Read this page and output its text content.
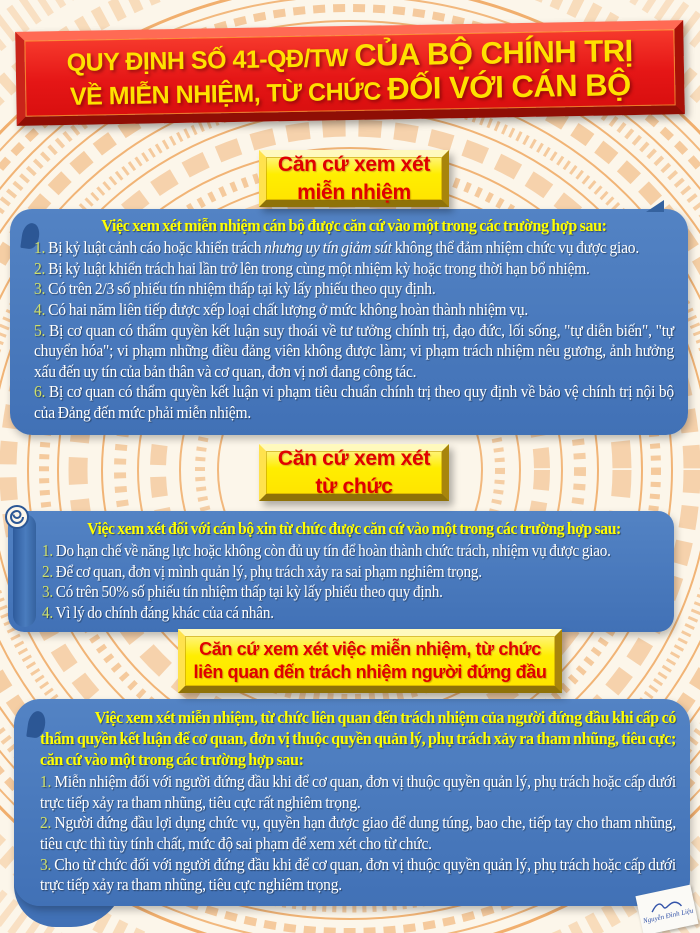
QUY ĐỊNH SỐ 41-QĐ/TW CỦA BỘ CHÍNH TRỊ
VỀ MIỄN NHIỆM, TỪ CHỨC ĐỐI VỚI CÁN BỘ
Căn cứ xem xét
miễn nhiệm

Việc xem xét miễn nhiệm cán bộ được căn cứ vào một trong các trường hợp sau:

1. Bị kỷ luật cảnh cáo hoặc khiển trách nhưng uy tín giảm sút không thể đảm nhiệm chức vụ được giao.

2. Bị kỷ luật khiển trách hai lần trở lên trong cùng một nhiệm kỳ hoặc trong thời hạn bổ nhiệm.

3. Có trên 2/3 số phiếu tín nhiệm thấp tại kỳ lấy phiếu theo quy định.

4. Có hai năm liên tiếp được xếp loại chất lượng ở mức không hoàn thành nhiệm vụ.

5. Bị cơ quan có thẩm quyền kết luận suy thoái về tư tưởng chính trị, đạo đức, lối sống, "tự diễn biến", "tự chuyển hóa"; vi phạm những điều đảng viên không được làm; vi phạm trách nhiệm nêu gương, ảnh hưởng xấu đến uy tín của bản thân và cơ quan, đơn vị nơi đang công tác.

6. Bị cơ quan có thẩm quyền kết luận vi phạm tiêu chuẩn chính trị theo quy định về bảo vệ chính trị nội bộ của Đảng đến mức phải miễn nhiệm.

Căn cứ xem xét
từ chức

Việc xem xét đối với cán bộ xin từ chức được căn cứ vào một trong các trường hợp sau:

1. Do hạn chế về năng lực hoặc không còn đủ uy tín để hoàn thành chức trách, nhiệm vụ được giao.

2. Để cơ quan, đơn vị mình quản lý, phụ trách xảy ra sai phạm nghiêm trọng.

3. Có trên 50% số phiếu tín nhiệm thấp tại kỳ lấy phiếu theo quy định.

4. Vì lý do chính đáng khác của cá nhân.

Căn cứ xem xét việc miễn nhiệm, từ chức
liên quan đến trách nhiệm người đứng đầu

Việc xem xét miễn nhiệm, từ chức liên quan đến trách nhiệm của người đứng đầu khi cấp có thẩm quyền kết luận để cơ quan, đơn vị thuộc quyền quản lý, phụ trách xảy ra tham nhũng, tiêu cực; căn cứ vào một trong các trường hợp sau:

1. Miễn nhiệm đối với người đứng đầu khi để cơ quan, đơn vị thuộc quyền quản lý, phụ trách hoặc cấp dưới trực tiếp xảy ra tham nhũng, tiêu cực rất nghiêm trọng.

2. Người đứng đầu lợi dụng chức vụ, quyền hạn được giao để dung túng, bao che, tiếp tay cho tham nhũng, tiêu cực thì tùy tính chất, mức độ sai phạm để xem xét cho từ chức.

3. Cho từ chức đối với người đứng đầu khi để cơ quan, đơn vị thuộc quyền quản lý, phụ trách hoặc cấp dưới trực tiếp xảy ra tham nhũng, tiêu cực nghiêm trọng.

Nguyễn Đình Liệu
